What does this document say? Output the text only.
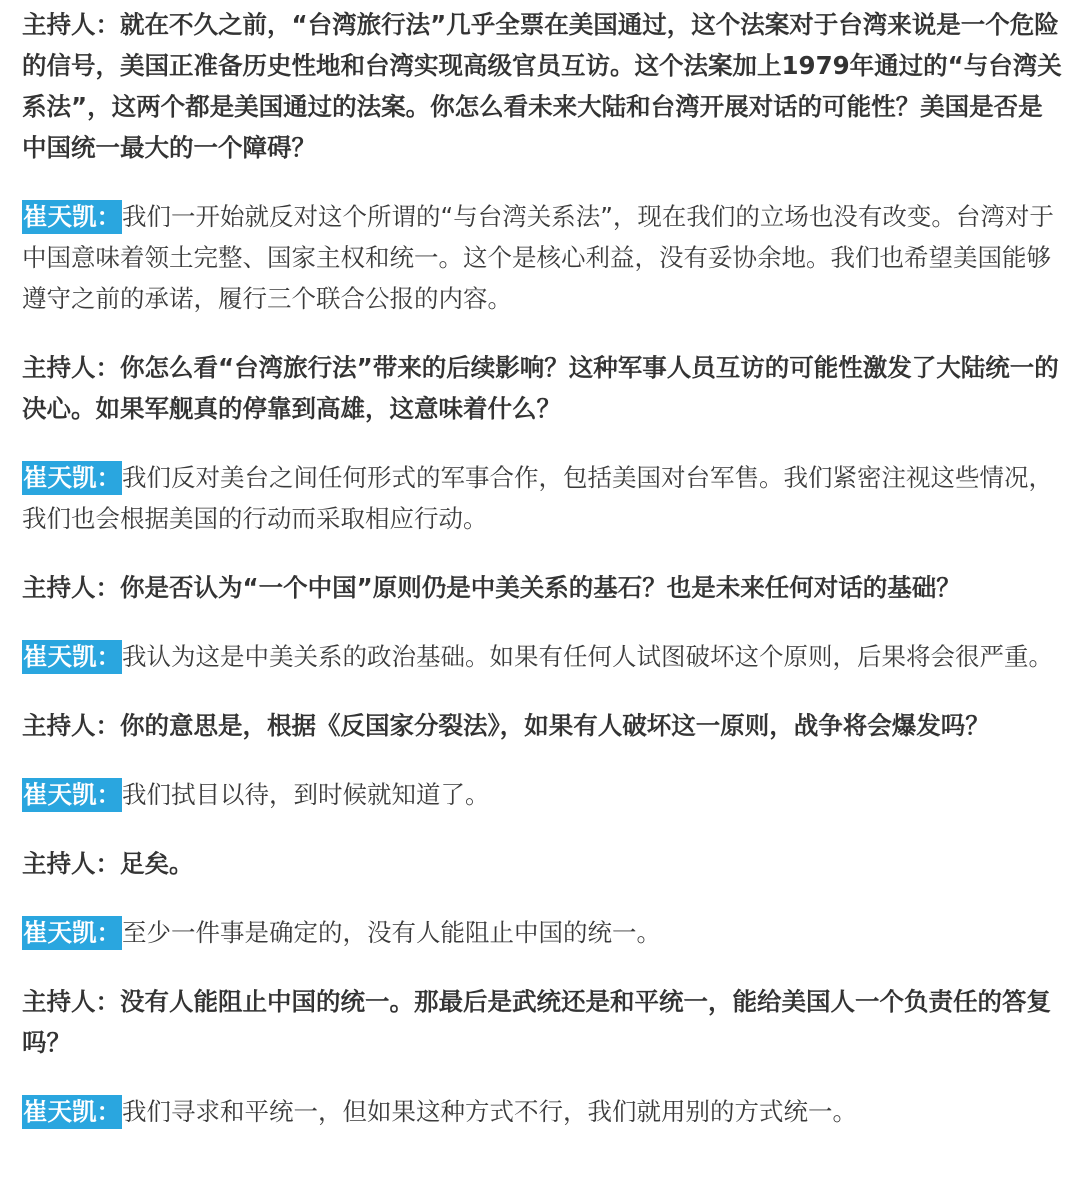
主持人：就在不久之前，“台湾旅行法”几乎全票在美国通过，这个法案对于台湾来说是一个危险的信号，美国正准备历史性地和台湾实现高级官员互访。这个法案加上1979年通过的“与台湾关系法”，这两个都是美国通过的法案。你怎么看未来大陆和台湾开展对话的可能性？美国是否是中国统一最大的一个障碍？

崔天凯：我们一开始就反对这个所谓的“与台湾关系法”，现在我们的立场也没有改变。台湾对于中国意味着领土完整、国家主权和统一。这个是核心利益，没有妥协余地。我们也希望美国能够遵守之前的承诺，履行三个联合公报的内容。

主持人：你怎么看“台湾旅行法”带来的后续影响？这种军事人员互访的可能性激发了大陆统一的决心。如果军舰真的停靠到高雄，这意味着什么？

崔天凯：我们反对美台之间任何形式的军事合作，包括美国对台军售。我们紧密注视这些情况，我们也会根据美国的行动而采取相应行动。

主持人：你是否认为“一个中国”原则仍是中美关系的基石？也是未来任何对话的基础？

崔天凯：我认为这是中美关系的政治基础。如果有任何人试图破坏这个原则，后果将会很严重。

主持人：你的意思是，根据《反国家分裂法》，如果有人破坏这一原则，战争将会爆发吗？

崔天凯：我们拭目以待，到时候就知道了。

主持人：足矣。

崔天凯：至少一件事是确定的，没有人能阻止中国的统一。

主持人：没有人能阻止中国的统一。那最后是武统还是和平统一，能给美国人一个负责任的答复吗？

崔天凯：我们寻求和平统一，但如果这种方式不行，我们就用别的方式统一。
